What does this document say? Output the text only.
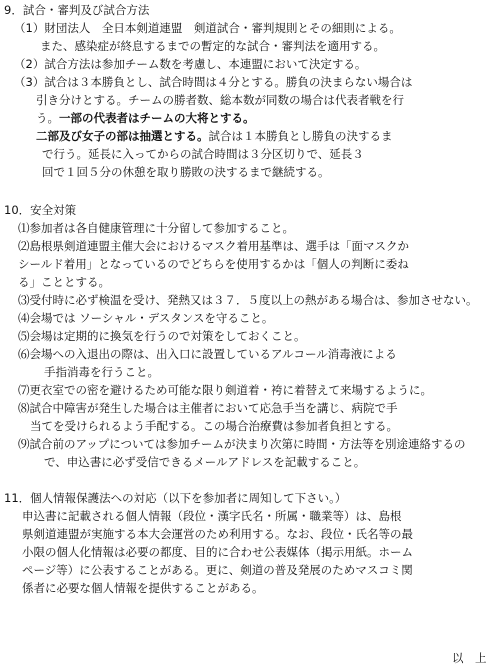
9．試合・審判及び試合方法
（1）財団法人　全日本剣道連盟　剣道試合・審判規則とその細則による。
また、感染症が終息するまでの暫定的な試合・審判法を適用する。
（2）試合方法は参加チーム数を考慮し、本連盟において決定する。
（3）試合は３本勝負とし、試合時間は４分とする。勝負の決まらない場合は
引き分けとする。チームの勝者数、総本数が同数の場合は代表者戦を行
う。一部の代表者はチームの大将とする。
二部及び女子の部は抽選とする。試合は１本勝負とし勝負の決するま
で行う。延長に入ってからの試合時間は３分区切りで、延長３
回で１回５分の休憩を取り勝敗の決するまで継続する。
10．安全対策
⑴参加者は各自健康管理に十分留して参加すること。
⑵島根県剣道連盟主催大会におけるマスク着用基準は、選手は「面マスクか
シールド着用」となっているのでどちらを使用するかは「個人の判断に委ね
る」こととする。
⑶受付時に必ず検温を受け、発熱又は３７．５度以上の熱がある場合は、参加させない。
⑷会場では ソーシャル・デスタンスを守ること。
⑸会場は定期的に換気を行うので対策をしておくこと。
⑹会場への入退出の際は、出入口に設置しているアルコール消毒液による
手指消毒を行うこと。
⑺更衣室での密を避けるため可能な限り剣道着・袴に着替えて来場するように。
⑻試合中障害が発生した場合は主催者において応急手当を講じ、病院で手
当てを受けられるよう手配する。この場合治療費は参加者負担とする。
⑼試合前のアップについては参加チームが決まり次第に時間・方法等を別途連絡するの
で、申込書に必ず受信できるメールアドレスを記載すること。
11．個人情報保護法への対応（以下を参加者に周知して下さい。）
申込書に記載される個人情報（段位・漢字氏名・所属・職業等）は、島根
県剣道連盟が実施する本大会運営のため利用する。なお、段位・氏名等の最
小限の個人化情報は必要の都度、目的に合わせ公表媒体（掲示用紙。ホーム
ページ等）に公表することがある。更に、剣道の普及発展のためマスコミ関
係者に必要な個人情報を提供することがある。
以　上
